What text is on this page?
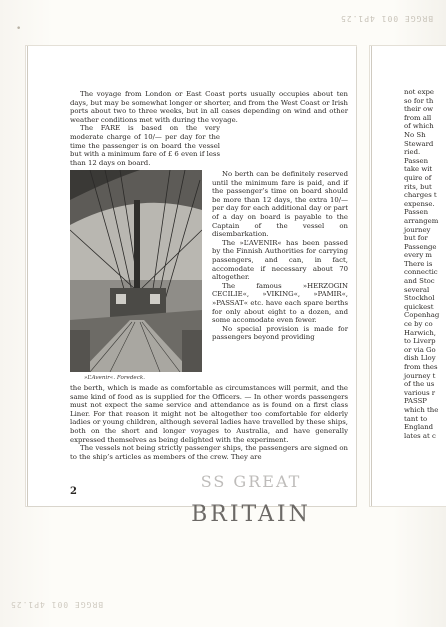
BRGGE 001 4P1.25
•

The voyage from London or East Coast ports usually occupies about ten days, but may be somewhat longer or shorter, and from the West Coast or Irish ports about two to three weeks, but in all cases depending on wind and other weather conditions met with during the voyage.

The FARE is based on the very moderate charge of 10/— per day for the time the passenger is on board the vessel but with a minimum fare of £ 6 even if less than 12 days on board.

»L’Avenir«. Foredeck.

No berth can be definitely reserved until the minimum fare is paid, and if the passenger’s time on board should be more than 12 days, the extra 10/— per day for each additional day or part of a day on board is payable to the Captain of the vessel on disembarkation.

The »L’AVENIR« has been passed by the Finnish Authorities for carrying passengers, and can, in fact, accomodate if necessary about 70 altogether.

The famous »HERZOGIN CECILIE«, »VIKING«, »PAMIR«, »PASSAT« etc. have each spare berths for only about eight to a dozen, and some accomodate even fewer.

No special provision is made for passengers beyond providing

the berth, which is made as comfortable as circumstances will permit, and the same kind of food as is supplied for the Officers. — In other words passengers must not expect the same service and attendance as is found on a first class Liner. For that reason it might not be altogether too comfortable for elderly ladies or young children, although several ladies have travelled by these ships, both on the short and longer voyages to Australia, and have generally expressed themselves as being delighted with the experiment.

The vessels not being strictly passenger ships, the passengers are signed on to the ship’s articles as members of the crew. They are

2
SS GREAT
BRITAIN
not expe
so for th
their ow
from all
of which
No Sh
Steward
ried.
Passen
take wit
quire of
rits, but
charges t
expense.
Passen
arrangem
journey
but for
Passenge
every m
There is
connectic
and Stoc
several
Stockhol
quickest
Copenhag
ce by co
Harwich,
to Liverp
or via Go
dish Lloy
from thes
journey t
of the us
various r
PASSP
which the
tant to
England
lates at c
BRGGE 001 4P1.25
